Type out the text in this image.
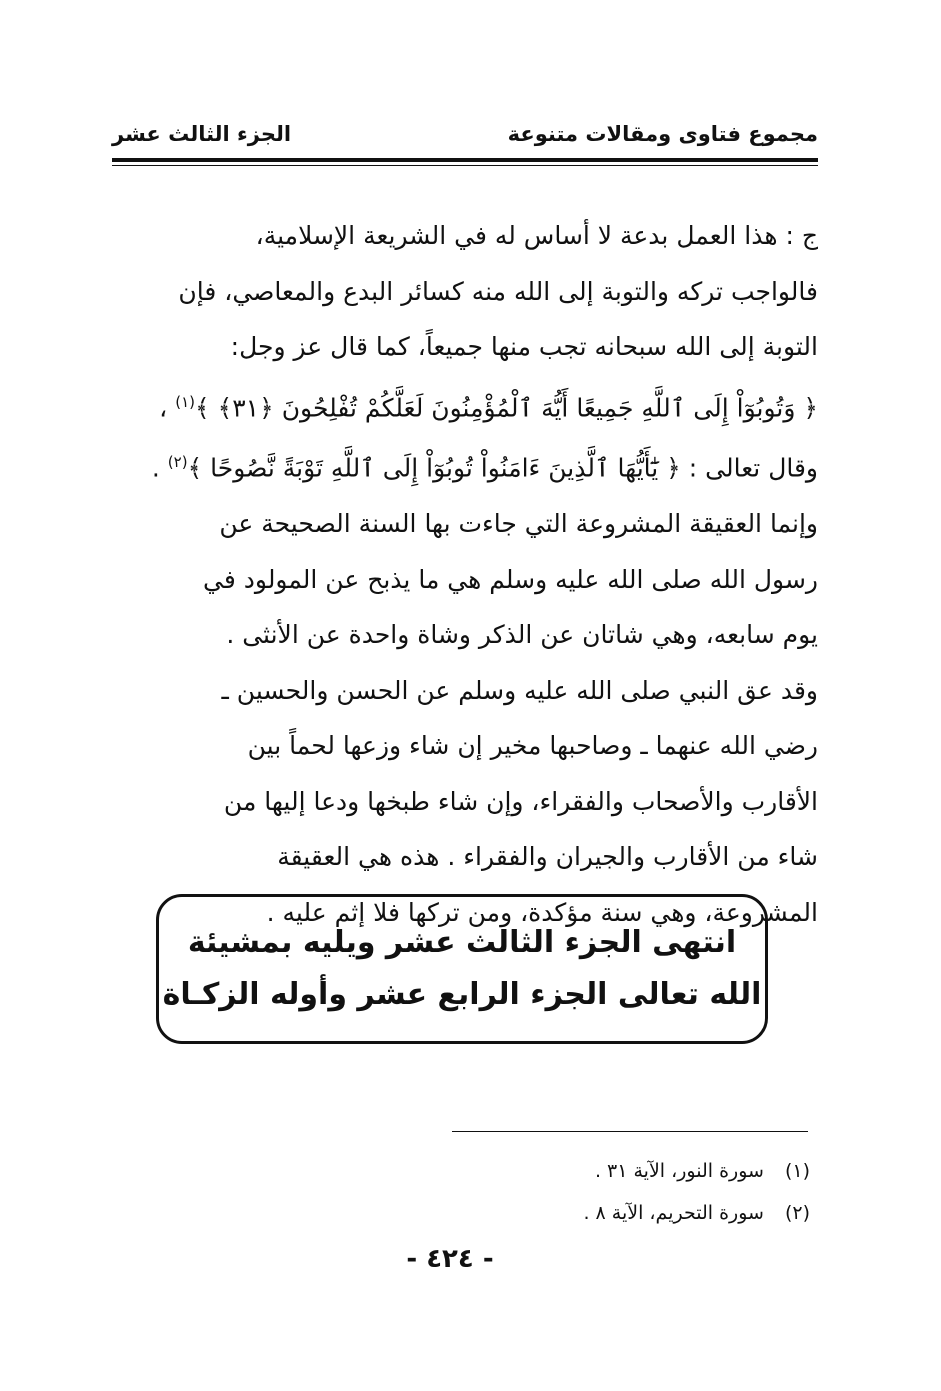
مجموع فتاوى ومقالات متنوعة
الجزء الثالث عشر
ج : هذا العمل بدعة لا أساس له في الشريعة الإسلامية،
فالواجب تركه والتوبة إلى الله منه كسائر البدع والمعاصي، فإن
التوبة إلى الله سبحانه تجب منها جميعاً، كما قال عز وجل:
﴿ وَتُوبُوٓاْ إِلَى ٱللَّهِ جَمِيعًا أَيُّهَ ٱلْمُؤْمِنُونَ لَعَلَّكُمْ تُفْلِحُونَ ﴿٣١﴾ ﴾$^{(١)}$ ،
وقال تعالى : ﴿ يَٰٓأَيُّهَا ٱلَّذِينَ ءَامَنُواْ تُوبُوٓاْ إِلَى ٱللَّهِ تَوْبَةً نَّصُوحًا ﴾$^{(٢)}$ .
وإنما العقيقة المشروعة التي جاءت بها السنة الصحيحة عن
رسول الله صلى الله عليه وسلم هي ما يذبح عن المولود في
يوم سابعه، وهي شاتان عن الذكر وشاة واحدة عن الأنثى .
وقد عق النبي صلى الله عليه وسلم عن الحسن والحسين ـ
رضي الله عنهما ـ وصاحبها مخير إن شاء وزعها لحماً بين
الأقارب والأصحاب والفقراء، وإن شاء طبخها ودعا إليها من
شاء من الأقارب والجيران والفقراء . هذه هي العقيقة
المشروعة، وهي سنة مؤكدة، ومن تركها فلا إثم عليه .
انتهى الجزء الثالث عشر ويليه بمشيئة
الله تعالى الجزء الرابع عشر وأوله الزكـاة
(١) سورة النور، الآية ٣١ .
(٢) سورة التحريم، الآية ٨ .
- ٤٢٤ -
